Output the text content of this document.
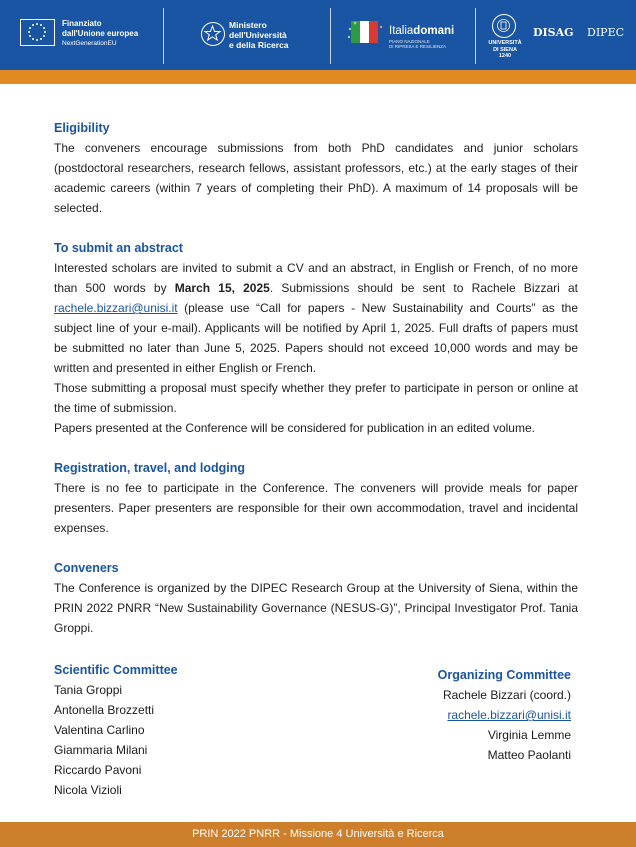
Finanziato
dall'Unione europea
NextGenerationEU
Ministero
dell'Università
e della Ricerca
Italiadomani
PIANO NAZIONALE
DI RIPRESA E RESILIENZA
UNIVERSITÀ
DI SIENA
1240
DISAG DIPEC
Eligibility
The conveners encourage submissions from both PhD candidates and junior scholars (postdoctoral researchers, research fellows, assistant professors, etc.) at the early stages of their academic careers (within 7 years of completing their PhD). A maximum of 14 proposals will be selected.
To submit an abstract
Interested scholars are invited to submit a CV and an abstract, in English or French, of no more than 500 words by March 15, 2025. Submissions should be sent to Rachele Bizzari at rachele.bizzari@unisi.it (please use “Call for papers - New Sustainability and Courts” as the subject line of your e-mail). Applicants will be notified by April 1, 2025. Full drafts of papers must be submitted no later than June 5, 2025. Papers should not exceed 10,000 words and may be written and presented in either English or French.
Those submitting a proposal must specify whether they prefer to participate in person or online at the time of submission.
Papers presented at the Conference will be considered for publication in an edited volume.
Registration, travel, and lodging
There is no fee to participate in the Conference. The conveners will provide meals for paper presenters. Paper presenters are responsible for their own accommodation, travel and incidental expenses.
Conveners
The Conference is organized by the DIPEC Research Group at the University of Siena, within the PRIN 2022 PNRR “New Sustainability Governance (NESUS-G)”, Principal Investigator Prof. Tania Groppi.
Scientific Committee
Tania Groppi
Antonella Brozzetti
Valentina Carlino
Giammaria Milani
Riccardo Pavoni
Nicola Vizioli
Organizing Committee
Rachele Bizzari (coord.)
rachele.bizzari@unisi.it
Virginia Lemme
Matteo Paolanti
PRIN 2022 PNRR - Missione 4 Università e Ricerca
